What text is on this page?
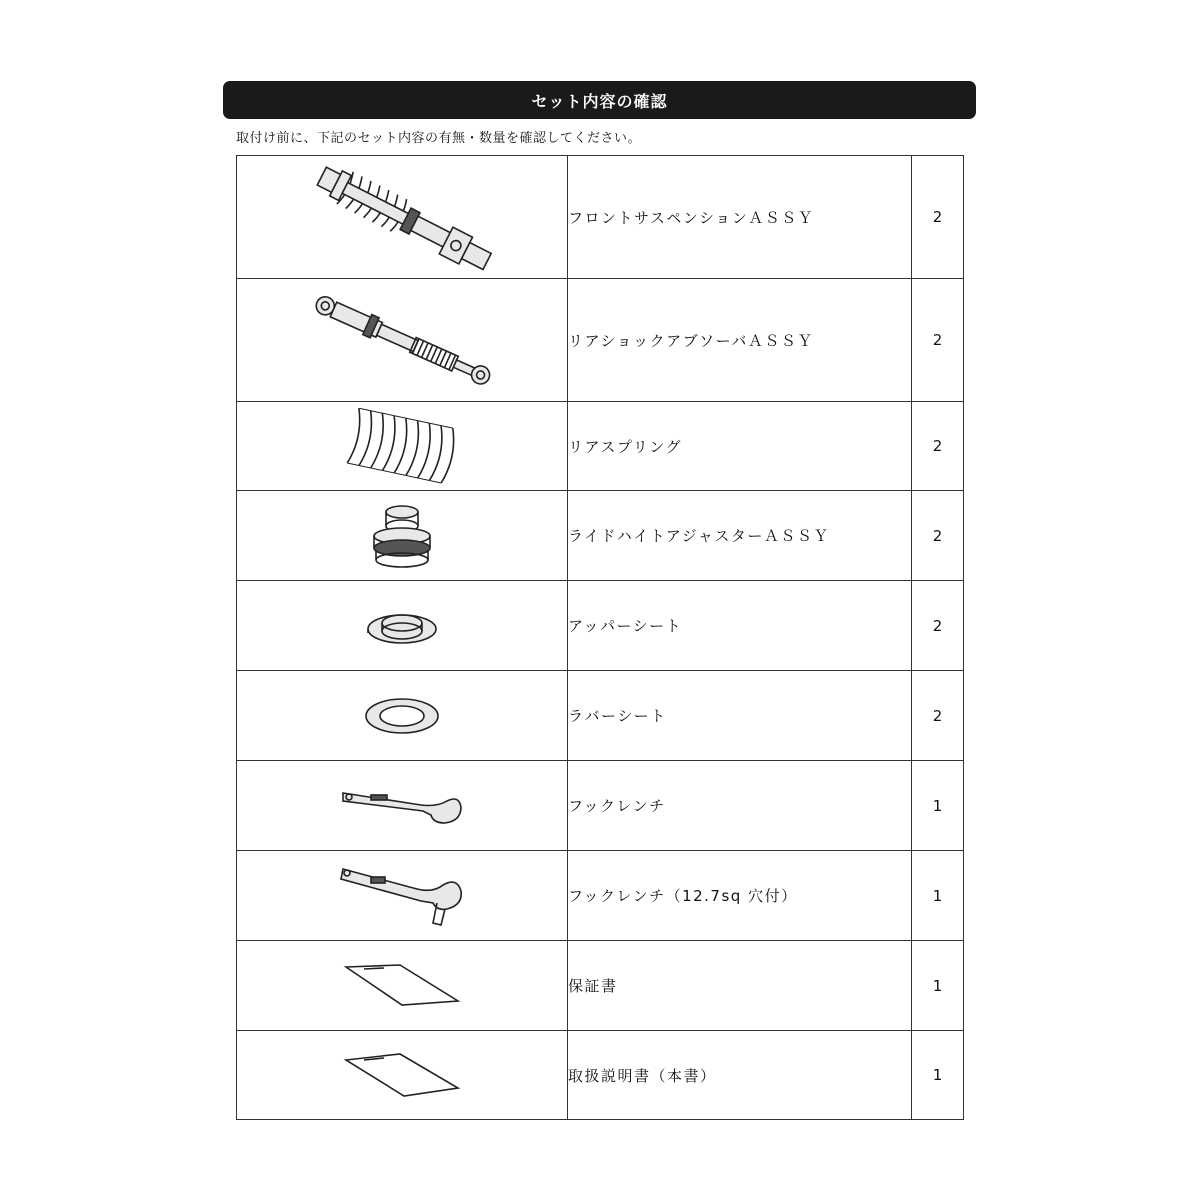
セット内容の確認
取付け前に、下記のセット内容の有無・数量を確認してください。
	フロントサスペンションＡＳＳＹ	2

	リアショックアブソーバＡＳＳＹ	2

	リアスプリング	2

	ライドハイトアジャスターＡＳＳＹ	2

	アッパーシート	2

	ラバーシート	2

	フックレンチ	1

	フックレンチ（12.7sq 穴付）	1

	保証書	1

	取扱説明書（本書）	1
